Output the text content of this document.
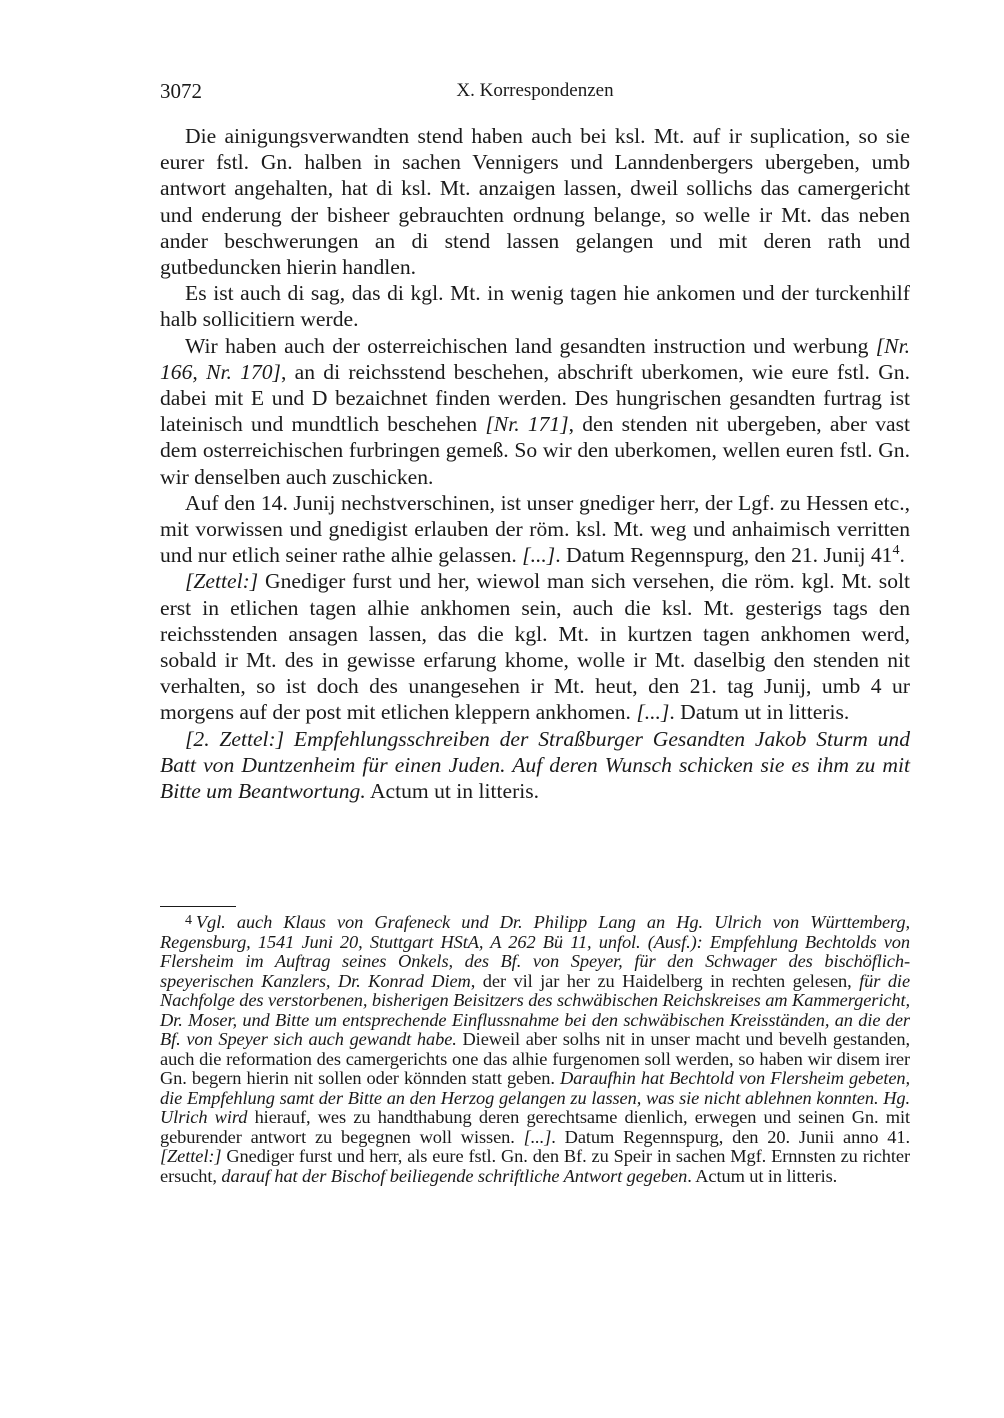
3072	X. Korrespondenzen

Die ainigungsverwandten stend haben auch bei ksl. Mt. auf ir suplication, so sie eurer fstl. Gn. halben in sachen Vennigers und Lanndenbergers ubergeben, umb antwort angehalten, hat di ksl. Mt. anzaigen lassen, dweil sollichs das camergericht und enderung der bisheer gebrauchten ordnung belange, so welle ir Mt. das neben ander beschwerungen an di stend lassen gelangen und mit deren rath und gutbeduncken hierin handlen.

Es ist auch di sag, das di kgl. Mt. in wenig tagen hie ankomen und der turckenhilf halb sollicitiern werde.

Wir haben auch der osterreichischen land gesandten instruction und werbung [Nr. 166, Nr. 170], an di reichsstend beschehen, abschrift uberkomen, wie eure fstl. Gn. dabei mit E und D bezaichnet finden werden. Des hungrischen gesandten furtrag ist lateinisch und mundtlich beschehen [Nr. 171], den stenden nit ubergeben, aber vast dem osterreichischen furbringen gemeß. So wir den uberkomen, wellen euren fstl. Gn. wir denselben auch zuschicken.

Auf den 14. Junij nechstverschinen, ist unser gnediger herr, der Lgf. zu Hessen etc., mit vorwissen und gnedigist erlauben der röm. ksl. Mt. weg und anhaimisch verritten und nur etlich seiner rathe alhie gelassen. [...]. Datum Regennspurg, den 21. Junij $41^4$.

[Zettel:] Gnediger furst und her, wiewol man sich versehen, die röm. kgl. Mt. solt erst in etlichen tagen alhie ankhomen sein, auch die ksl. Mt. gesterigs tags den reichsstenden ansagen lassen, das die kgl. Mt. in kurtzen tagen ankhomen werd, sobald ir Mt. des in gewisse erfarung khome, wolle ir Mt. daselbig den stenden nit verhalten, so ist doch des unangesehen ir Mt. heut, den 21. tag Junij, umb 4 ur morgens auf der post mit etlichen kleppern ankhomen. [...]. Datum ut in litteris.

[2. Zettel:] Empfehlungsschreiben der Straßburger Gesandten Jakob Sturm und Batt von Duntzenheim für einen Juden. Auf deren Wunsch schicken sie es ihm zu mit Bitte um Beantwortung. Actum ut in litteris.

$^4$ Vgl. auch Klaus von Grafeneck und Dr. Philipp Lang an Hg. Ulrich von Württemberg, Regensburg, 1541 Juni 20, Stuttgart HStA, A 262 Bü 11, unfol. (Ausf.): Empfehlung Bechtolds von Flersheim im Auftrag seines Onkels, des Bf. von Speyer, für den Schwager des bischöflich-speyerischen Kanzlers, Dr. Konrad Diem, der vil jar her zu Haidelberg in rechten gelesen, für die Nachfolge des verstorbenen, bisherigen Beisitzers des schwäbischen Reichskreises am Kammergericht, Dr. Moser, und Bitte um entsprechende Einflussnahme bei den schwäbischen Kreisständen, an die der Bf. von Speyer sich auch gewandt habe. Dieweil aber solhs nit in unser macht und bevelh gestanden, auch die reformation des camergerichts one das alhie furgenomen soll werden, so haben wir disem irer Gn. begern hierin nit sollen oder könnden statt geben. Daraufhin hat Bechtold von Flersheim gebeten, die Empfehlung samt der Bitte an den Herzog gelangen zu lassen, was sie nicht ablehnen konnten. Hg. Ulrich wird hierauf, wes zu handthabung deren gerechtsame dienlich, erwegen und seinen Gn. mit geburender antwort zu begegnen woll wissen. [...]. Datum Regennspurg, den 20. Junii anno 41. [Zettel:] Gnediger furst und herr, als eure fstl. Gn. den Bf. zu Speir in sachen Mgf. Ernnsten zu richter ersucht, darauf hat der Bischof beiliegende schriftliche Antwort gegeben. Actum ut in litteris.
